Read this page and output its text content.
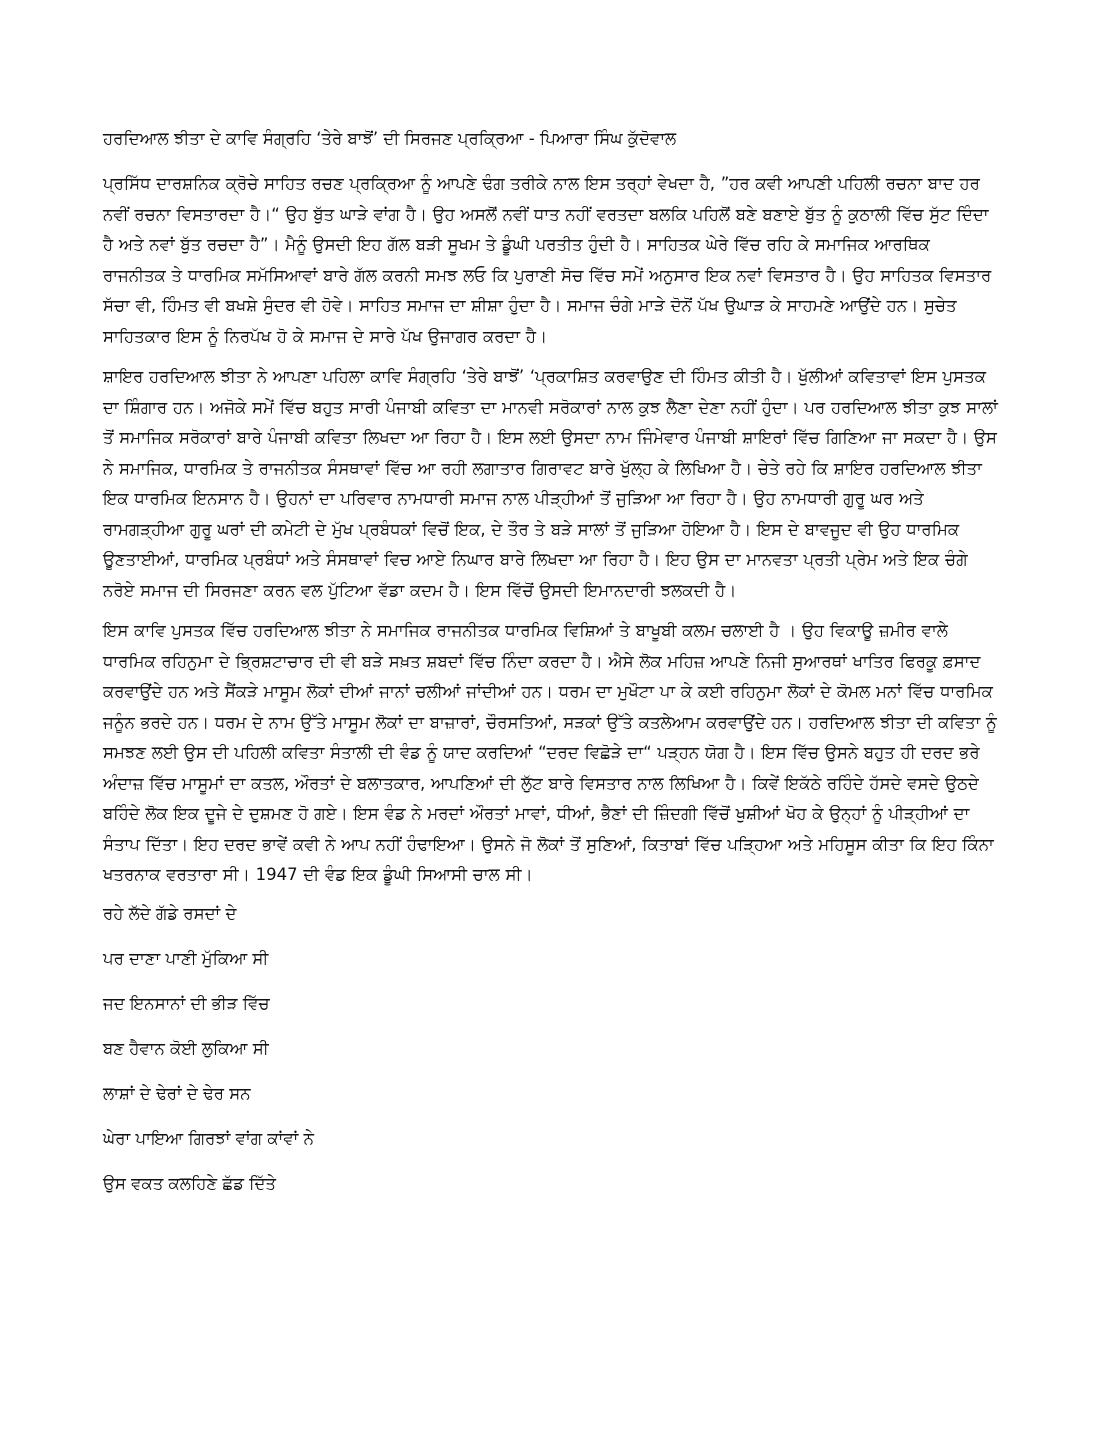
ਹਰਦਿਆਲ ਝੀਤਾ ਦੇ ਕਾਵਿ ਸੰਗ੍ਰਹਿ ‘ਤੇਰੇ ਬਾਝੋਂ’ ਦੀ ਸਿਰਜਣ ਪ੍ਰਕ੍ਰਿਆ - ਪਿਆਰਾ ਸਿੰਘ ਕੁੱਦੋਵਾਲ

ਪ੍ਰਸਿੱਧ ਦਾਰਸ਼ਨਿਕ ਕ੍ਰੋਚੇ ਸਾਹਿਤ ਰਚਣ ਪ੍ਰਕ੍ਰਿਆ ਨੂੰ ਆਪਣੇ ਢੰਗ ਤਰੀਕੇ ਨਾਲ ਇਸ ਤਰ੍ਹਾਂ ਵੇਖਦਾ ਹੈ, ”ਹਰ ਕਵੀ ਆਪਣੀ ਪਹਿਲੀ ਰਚਨਾ ਬਾਦ ਹਰ ਨਵੀਂ ਰਚਨਾ ਵਿਸਤਾਰਦਾ ਹੈ।“ ਉਹ ਬੁੱਤ ਘਾੜੇ ਵਾਂਗ ਹੈ। ਉਹ ਅਸਲੋਂ ਨਵੀਂ ਧਾਤ ਨਹੀਂ ਵਰਤਦਾ ਬਲਕਿ ਪਹਿਲੋਂ ਬਣੇ ਬਣਾਏ ਬੁੱਤ ਨੂੰ ਕੁਠਾਲੀ ਵਿੱਚ ਸੁੱਟ ਦਿੰਦਾ ਹੈ ਅਤੇ ਨਵਾਂ ਬੁੱਤ ਰਚਦਾ ਹੈ”। ਮੈਨੂੰ ਉਸਦੀ ਇਹ ਗੱਲ ਬੜੀ ਸੂਖਮ ਤੇ ਡੂੰਘੀ ਪਰਤੀਤ ਹੁੰਦੀ ਹੈ। ਸਾਹਿਤਕ ਘੇਰੇ ਵਿੱਚ ਰਹਿ ਕੇ ਸਮਾਜਿਕ ਆਰਥਿਕ ਰਾਜਨੀਤਕ ਤੇ ਧਾਰਮਿਕ ਸਮੱਸਿਆਵਾਂ ਬਾਰੇ ਗੱਲ ਕਰਨੀ ਸਮਝ ਲਓ ਕਿ ਪੁਰਾਣੀ ਸੋਚ ਵਿੱਚ ਸਮੇਂ ਅਨੁਸਾਰ ਇਕ ਨਵਾਂ ਵਿਸਤਾਰ ਹੈ। ਉਹ ਸਾਹਿਤਕ ਵਿਸਤਾਰ ਸੱਚਾ ਵੀ, ਹਿੰਮਤ ਵੀ ਬਖਸ਼ੇ ਸੁੰਦਰ ਵੀ ਹੋਵੇ। ਸਾਹਿਤ ਸਮਾਜ ਦਾ ਸ਼ੀਸ਼ਾ ਹੁੰਦਾ ਹੈ। ਸਮਾਜ ਚੰਗੇ ਮਾੜੇ ਦੋਨੋਂ ਪੱਖ ਉਘਾੜ ਕੇ ਸਾਹਮਣੇ ਆਉਂਦੇ ਹਨ। ਸੁਚੇਤ ਸਾਹਿਤਕਾਰ ਇਸ ਨੂੰ ਨਿਰਪੱਖ ਹੋ ਕੇ ਸਮਾਜ ਦੇ ਸਾਰੇ ਪੱਖ ਉਜਾਗਰ ਕਰਦਾ ਹੈ।

ਸ਼ਾਇਰ ਹਰਦਿਆਲ ਝੀਤਾ ਨੇ ਆਪਣਾ ਪਹਿਲਾ ਕਾਵਿ ਸੰਗ੍ਰਹਿ ‘ਤੇਰੇ ਬਾਝੋਂ’ ‘ਪ੍ਰਕਾਸ਼ਿਤ ਕਰਵਾਉਣ ਦੀ ਹਿੰਮਤ ਕੀਤੀ ਹੈ। ਖੁੱਲੀਆਂ ਕਵਿਤਾਵਾਂ ਇਸ ਪੁਸਤਕ ਦਾ ਸ਼ਿੰਗਾਰ ਹਨ। ਅਜੋਕੇ ਸਮੇਂ ਵਿੱਚ ਬਹੁਤ ਸਾਰੀ ਪੰਜਾਬੀ ਕਵਿਤਾ ਦਾ ਮਾਨਵੀ ਸਰੋਕਾਰਾਂ ਨਾਲ ਕੁਝ ਲੈਣਾ ਦੇਣਾ ਨਹੀਂ ਹੁੰਦਾ। ਪਰ ਹਰਦਿਆਲ ਝੀਤਾ ਕੁਝ ਸਾਲਾਂ ਤੋਂ ਸਮਾਜਿਕ ਸਰੋਕਾਰਾਂ ਬਾਰੇ ਪੰਜਾਬੀ ਕਵਿਤਾ ਲਿਖਦਾ ਆ ਰਿਹਾ ਹੈ। ਇਸ ਲਈ ਉਸਦਾ ਨਾਮ ਜਿੰਮੇਵਾਰ ਪੰਜਾਬੀ ਸ਼ਾਇਰਾਂ ਵਿੱਚ ਗਿਣਿਆ ਜਾ ਸਕਦਾ ਹੈ। ਉਸ ਨੇ ਸਮਾਜਿਕ, ਧਾਰਮਿਕ ਤੇ ਰਾਜਨੀਤਕ ਸੰਸਥਾਵਾਂ ਵਿੱਚ ਆ ਰਹੀ ਲਗਾਤਾਰ ਗਿਰਾਵਟ ਬਾਰੇ ਖੁੱਲ੍ਹ ਕੇ ਲਿਖਿਆ ਹੈ। ਚੇਤੇ ਰਹੇ ਕਿ ਸ਼ਾਇਰ ਹਰਦਿਆਲ ਝੀਤਾ ਇਕ ਧਾਰਮਿਕ ਇਨਸਾਨ ਹੈ। ਉਹਨਾਂ ਦਾ ਪਰਿਵਾਰ ਨਾਮਧਾਰੀ ਸਮਾਜ ਨਾਲ ਪੀੜ੍ਹੀਆਂ ਤੋਂ ਜੁੜਿਆ ਆ ਰਿਹਾ ਹੈ। ਉਹ ਨਾਮਧਾਰੀ ਗੁਰੂ ਘਰ ਅਤੇ ਰਾਮਗੜ੍ਹੀਆ ਗੁਰੂ ਘਰਾਂ ਦੀ ਕਮੇਟੀ ਦੇ ਮੁੱਖ ਪ੍ਰਬੰਧਕਾਂ ਵਿਚੋਂ ਇਕ, ਦੇ ਤੌਰ ਤੇ ਬੜੇ ਸਾਲਾਂ ਤੋਂ ਜੁੜਿਆ ਹੋਇਆ ਹੈ। ਇਸ ਦੇ ਬਾਵਜੂਦ ਵੀ ਉਹ ਧਾਰਮਿਕ ਊਣਤਾਈਆਂ, ਧਾਰਮਿਕ ਪ੍ਰਬੰਧਾਂ ਅਤੇ ਸੰਸਥਾਵਾਂ ਵਿਚ ਆਏ ਨਿਘਾਰ ਬਾਰੇ ਲਿਖਦਾ ਆ ਰਿਹਾ ਹੈ। ਇਹ ਉਸ ਦਾ ਮਾਨਵਤਾ ਪ੍ਰਤੀ ਪ੍ਰੇਮ ਅਤੇ ਇਕ ਚੰਗੇ ਨਰੋਏ ਸਮਾਜ ਦੀ ਸਿਰਜਣਾ ਕਰਨ ਵਲ ਪੁੱਟਿਆ ਵੱਡਾ ਕਦਮ ਹੈ। ਇਸ ਵਿੱਚੋਂ ਉਸਦੀ ਇਮਾਨਦਾਰੀ ਝਲਕਦੀ ਹੈ।

ਇਸ ਕਾਵਿ ਪੁਸਤਕ ਵਿੱਚ ਹਰਦਿਆਲ ਝੀਤਾ ਨੇ ਸਮਾਜਿਕ ਰਾਜਨੀਤਕ ਧਾਰਮਿਕ ਵਿਸ਼ਿਆਂ ਤੇ ਬਾਖੂਬੀ ਕਲਮ ਚਲਾਈ ਹੈ । ਉਹ ਵਿਕਾਊ ਜ਼ਮੀਰ ਵਾਲੇ ਧਾਰਮਿਕ ਰਹਿਨੁਮਾ ਦੇ ਭ੍ਰਿਸ਼ਟਾਚਾਰ ਦੀ ਵੀ ਬੜੇ ਸਖ਼ਤ ਸ਼ਬਦਾਂ ਵਿੱਚ ਨਿੰਦਾ ਕਰਦਾ ਹੈ। ਐਸੇ ਲੋਕ ਮਹਿਜ਼ ਆਪਣੇ ਨਿਜੀ ਸੁਆਰਥਾਂ ਖਾਤਿਰ ਫਿਰਕੂ ਫ਼ਸਾਦ ਕਰਵਾਉਂਦੇ ਹਨ ਅਤੇ ਸੈਂਕੜੇ ਮਾਸੂਮ ਲੋਕਾਂ ਦੀਆਂ ਜਾਨਾਂ ਚਲੀਆਂ ਜਾਂਦੀਆਂ ਹਨ। ਧਰਮ ਦਾ ਮੁਖੌਟਾ ਪਾ ਕੇ ਕਈ ਰਹਿਨੁਮਾ ਲੋਕਾਂ ਦੇ ਕੋਮਲ ਮਨਾਂ ਵਿੱਚ ਧਾਰਮਿਕ ਜਨੂੰਨ ਭਰਦੇ ਹਨ। ਧਰਮ ਦੇ ਨਾਮ ਉੱਤੇ ਮਾਸੂਮ ਲੋਕਾਂ ਦਾ ਬਾਜ਼ਾਰਾਂ, ਚੌਰਸਤਿਆਂ, ਸੜਕਾਂ ਉੱਤੇ ਕਤਲੇਆਮ ਕਰਵਾਉਂਦੇ ਹਨ। ਹਰਦਿਆਲ ਝੀਤਾ ਦੀ ਕਵਿਤਾ ਨੂੰ ਸਮਝਣ ਲਈ ਉਸ ਦੀ ਪਹਿਲੀ ਕਵਿਤਾ ਸੰਤਾਲੀ ਦੀ ਵੰਡ ਨੂੰ ਯਾਦ ਕਰਦਿਆਂ “ਦਰਦ ਵਿਛੋੜੇ ਦਾ“ ਪੜ੍ਹਨ ਯੋਗ ਹੈ। ਇਸ ਵਿੱਚ ਉਸਨੇ ਬਹੁਤ ਹੀ ਦਰਦ ਭਰੇ ਅੰਦਾਜ਼ ਵਿੱਚ ਮਾਸੂਮਾਂ ਦਾ ਕਤਲ, ਔਰਤਾਂ ਦੇ ਬਲਾਤਕਾਰ, ਆਪਣਿਆਂ ਦੀ ਲੁੱਟ ਬਾਰੇ ਵਿਸਤਾਰ ਨਾਲ ਲਿਖਿਆ ਹੈ। ਕਿਵੇਂ ਇਕੱਠੇ ਰਹਿੰਦੇ ਹੱਸਦੇ ਵਸਦੇ ਉਠਦੇ ਬਹਿੰਦੇ ਲੋਕ ਇਕ ਦੂਜੇ ਦੇ ਦੁਸ਼ਮਣ ਹੋ ਗਏ। ਇਸ ਵੰਡ ਨੇ ਮਰਦਾਂ ਔਰਤਾਂ ਮਾਵਾਂ, ਧੀਆਂ, ਭੈਣਾਂ ਦੀ ਜ਼ਿੰਦਗੀ ਵਿੱਚੋਂ ਖੁਸ਼ੀਆਂ ਖੋਹ ਕੇ ਉਨ੍ਹਾਂ ਨੂੰ ਪੀੜ੍ਹੀਆਂ ਦਾ ਸੰਤਾਪ ਦਿੱਤਾ। ਇਹ ਦਰਦ ਭਾਵੇਂ ਕਵੀ ਨੇ ਆਪ ਨਹੀਂ ਹੰਢਾਇਆ। ਉਸਨੇ ਜੋ ਲੋਕਾਂ ਤੋਂ ਸੁਣਿਆਂ, ਕਿਤਾਬਾਂ ਵਿੱਚ ਪੜ੍ਹਿਆ ਅਤੇ ਮਹਿਸੂਸ ਕੀਤਾ ਕਿ ਇਹ ਕਿੰਨਾ ਖਤਰਨਾਕ ਵਰਤਾਰਾ ਸੀ। 1947 ਦੀ ਵੰਡ ਇਕ ਡੂੰਘੀ ਸਿਆਸੀ ਚਾਲ ਸੀ।

ਰਹੇ ਲੱਦੇ ਗੱਡੇ ਰਸਦਾਂ ਦੇ

ਪਰ ਦਾਣਾ ਪਾਣੀ ਮੁੱਕਿਆ ਸੀ

ਜਦ ਇਨਸਾਨਾਂ ਦੀ ਭੀੜ ਵਿੱਚ

ਬਣ ਹੈਵਾਨ ਕੋਈ ਲੁਕਿਆ ਸੀ

ਲਾਸ਼ਾਂ ਦੇ ਢੇਰਾਂ ਦੇ ਢੇਰ ਸਨ

ਘੇਰਾ ਪਾਇਆ ਗਿਰਝਾਂ ਵਾਂਗ ਕਾਂਵਾਂ ਨੇ

ਉਸ ਵਕਤ ਕਲਹਿਣੇ ਛੱਡ ਦਿੱਤੇ
